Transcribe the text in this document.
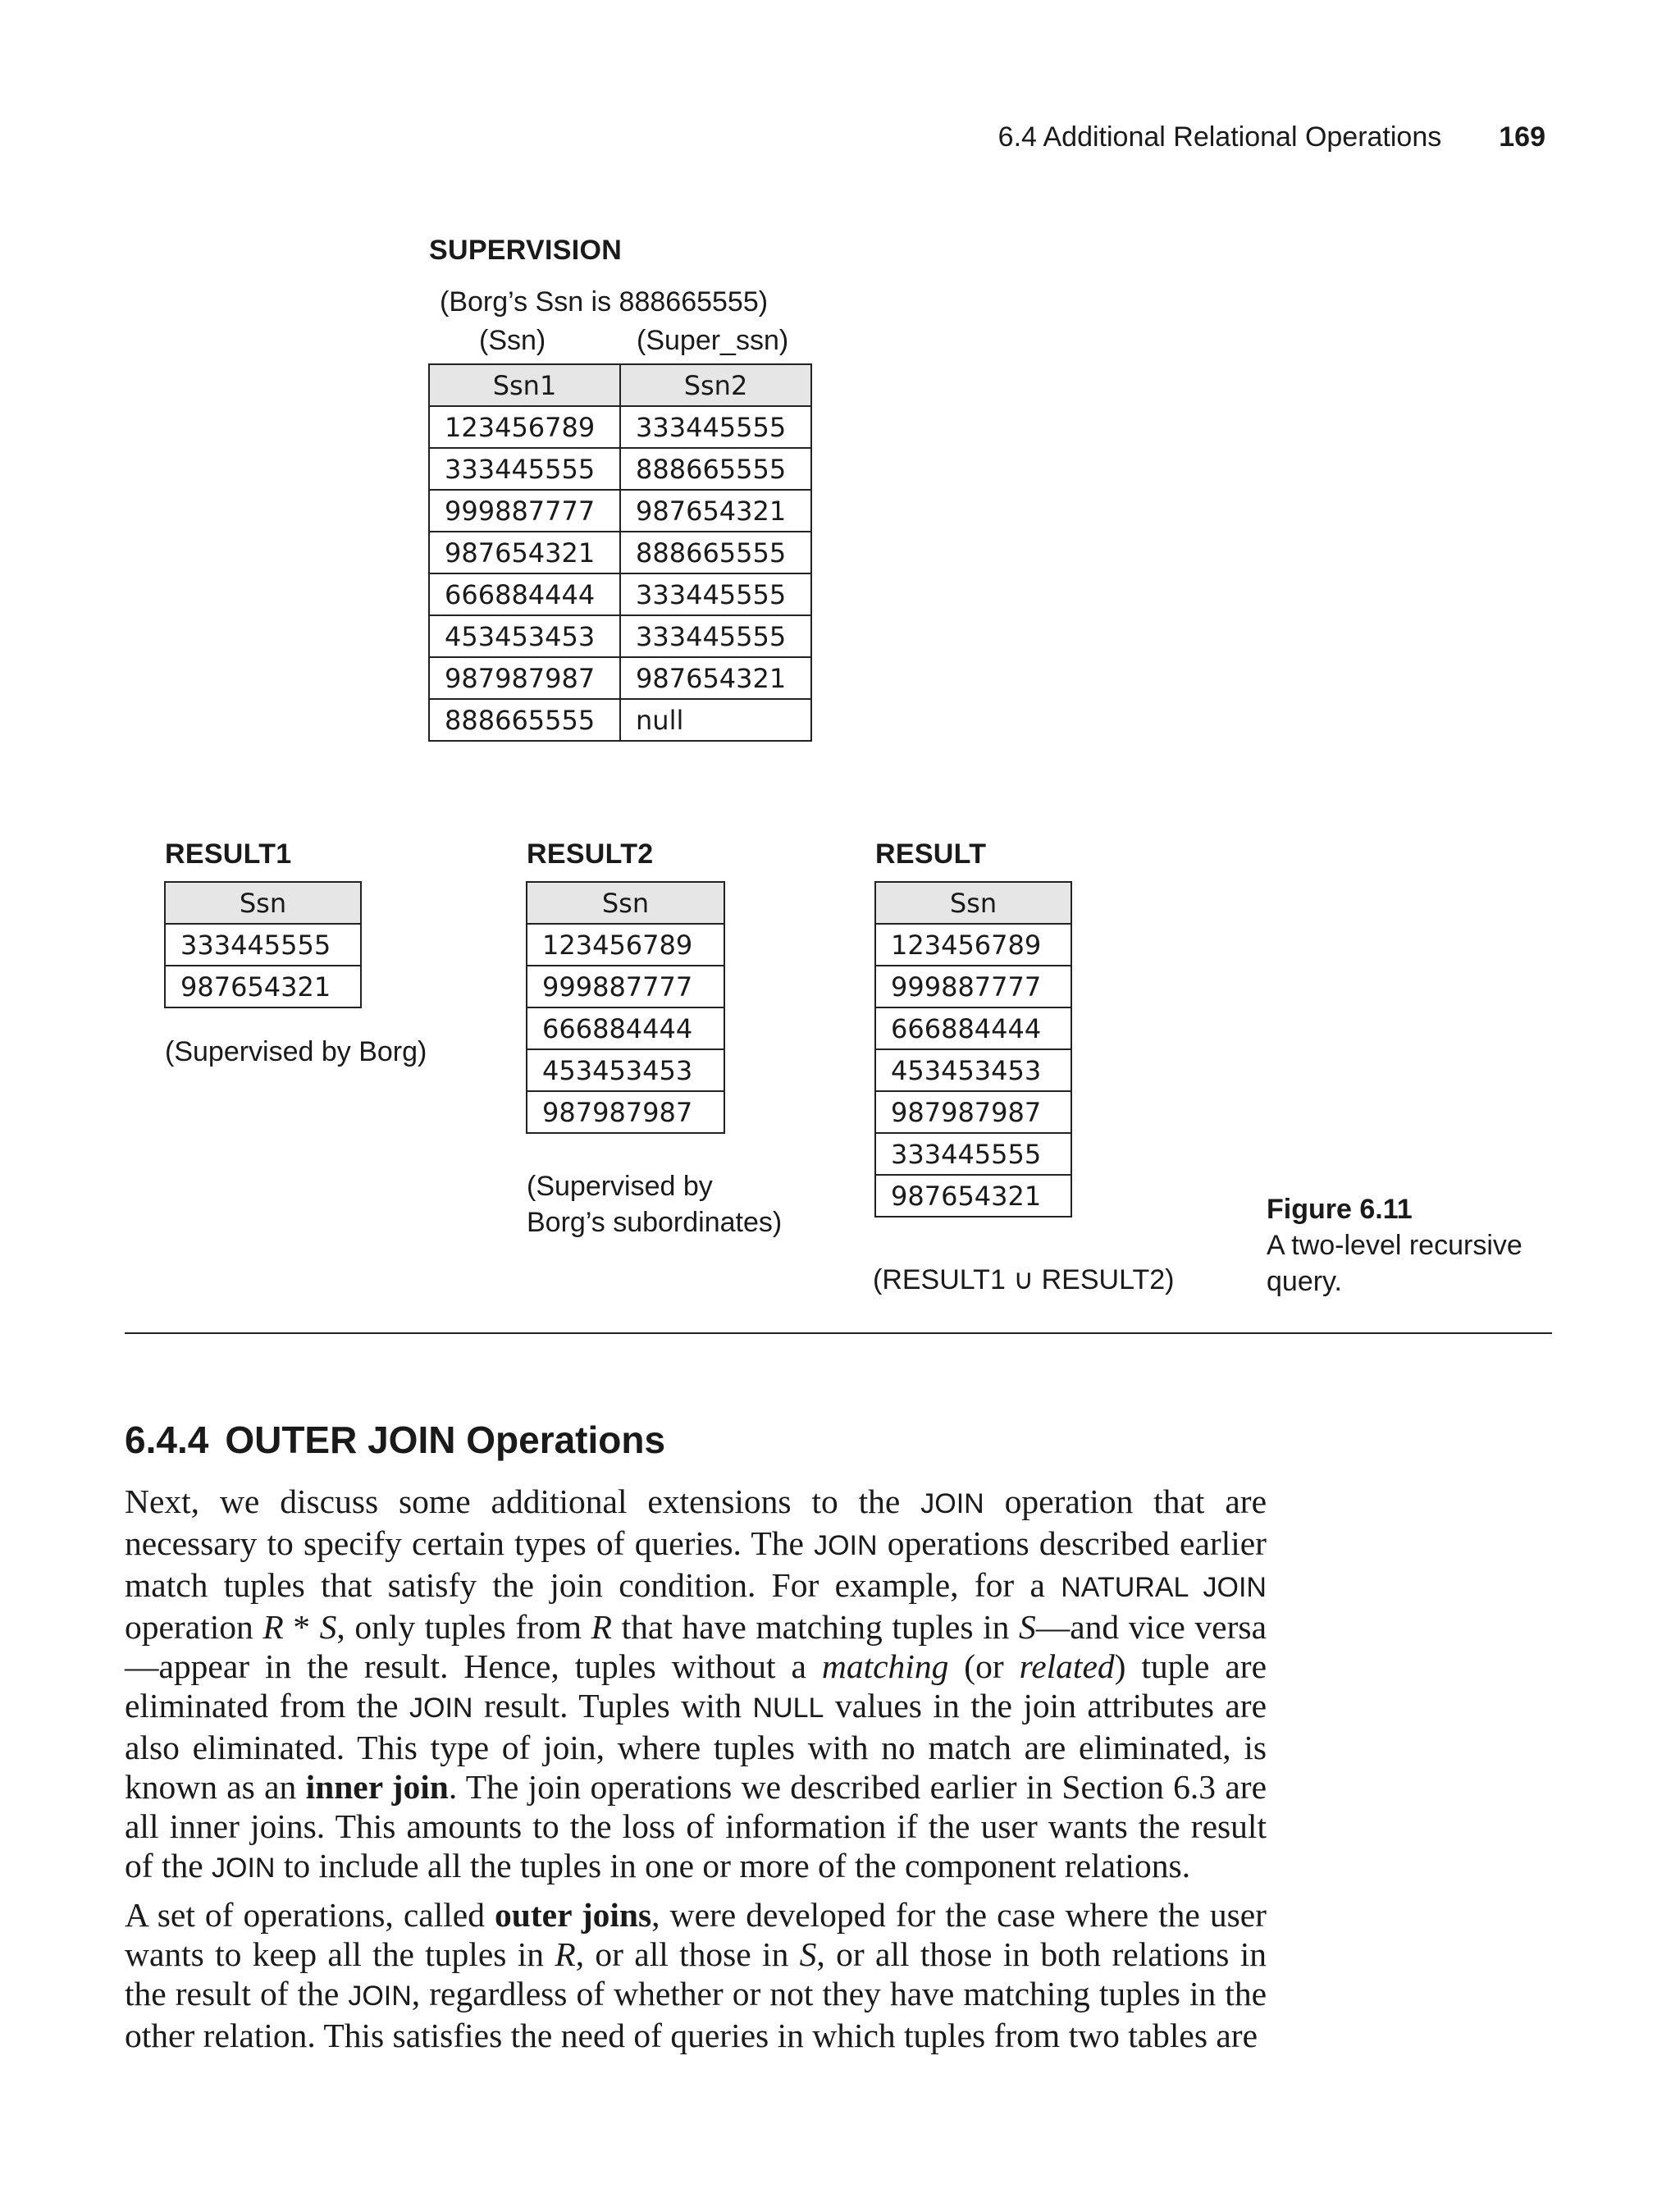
6.4 Additional Relational Operations 169
SUPERVISION
(Borg’s Ssn is 888665555)
(Ssn)	(Super_ssn)
Ssn1	Ssn2
123456789	333445555
333445555	888665555
999887777	987654321
987654321	888665555
666884444	333445555
453453453	333445555
987987987	987654321
888665555	null
RESULT1
Ssn
333445555
987654321
(Supervised by Borg)
RESULT2
Ssn
123456789
999887777
666884444
453453453
987987987
(Supervised by
Borg’s subordinates)
RESULT
Ssn
123456789
999887777
666884444
453453453
987987987
333445555
987654321
(RESULT1 ∪ RESULT2)
Figure 6.11
A two-level recursive
query.
6.4.4 OUTER JOIN Operations

Next, we discuss some additional extensions to the JOIN operation that are necessary to specify certain types of queries. The JOIN operations described earlier match tuples that satisfy the join condition. For example, for a NATURAL JOIN operation R * S, only tuples from R that have matching tuples in S—and vice versa—appear in the result. Hence, tuples without a matching (or related) tuple are eliminated from the JOIN result. Tuples with NULL values in the join attributes are also eliminated. This type of join, where tuples with no match are eliminated, is known as an inner join. The join operations we described earlier in Section 6.3 are all inner joins. This amounts to the loss of information if the user wants the result of the JOIN to include all the tuples in one or more of the component relations.

A set of operations, called outer joins, were developed for the case where the user wants to keep all the tuples in R, or all those in S, or all those in both relations in the result of the JOIN, regardless of whether or not they have matching tuples in the other relation. This satisfies the need of queries in which tuples from two tables are
